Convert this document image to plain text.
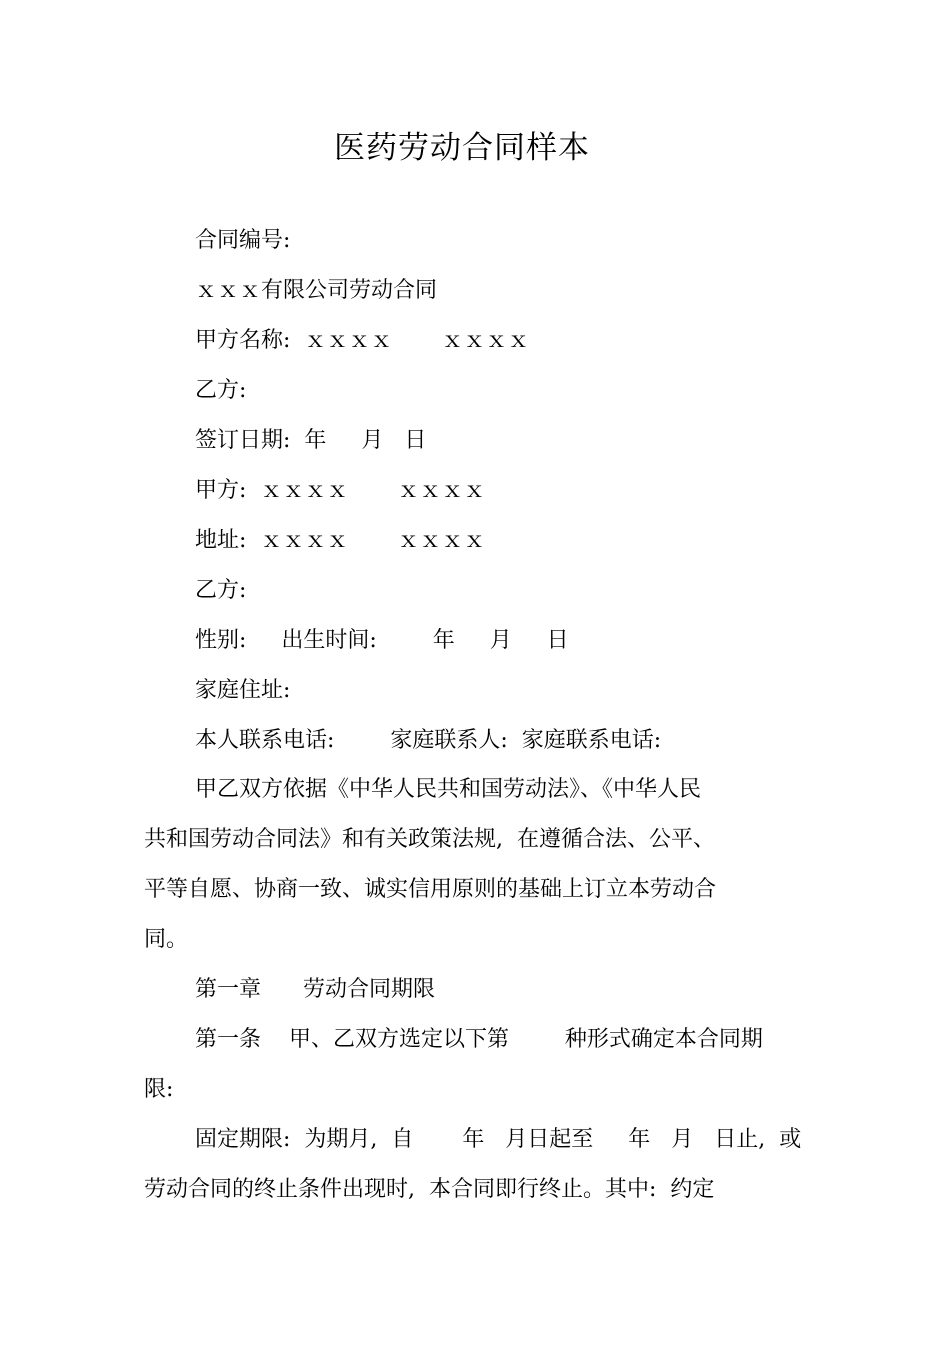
医药劳动合同样本
合同编号:
ｘｘｘ有限公司劳动合同
甲方名称:  ｘｘｘｘ       ｘｘｘｘ
乙方:
签订日期:  年     月   日
甲方:  ｘｘｘｘ       ｘｘｘｘ
地址:  ｘｘｘｘ       ｘｘｘｘ
乙方:
性别:     出生时间:        年     月     日
家庭住址:
本人联系电话:        家庭联系人:  家庭联系电话:
甲乙双方依据《中华人民共和国劳动法》、《中华人民
共和国劳动合同法》和有关政策法规,  在遵循合法、公平、
平等自愿、协商一致、诚实信用原则的基础上订立本劳动合
同。
第一章      劳动合同期限
第一条    甲、乙双方选定以下第        种形式确定本合同期
限:
固定期限:  为期月,  自       年   月日起至     年   月   日止,  或
劳动合同的终止条件出现时,  本合同即行终止。其中:  约定
